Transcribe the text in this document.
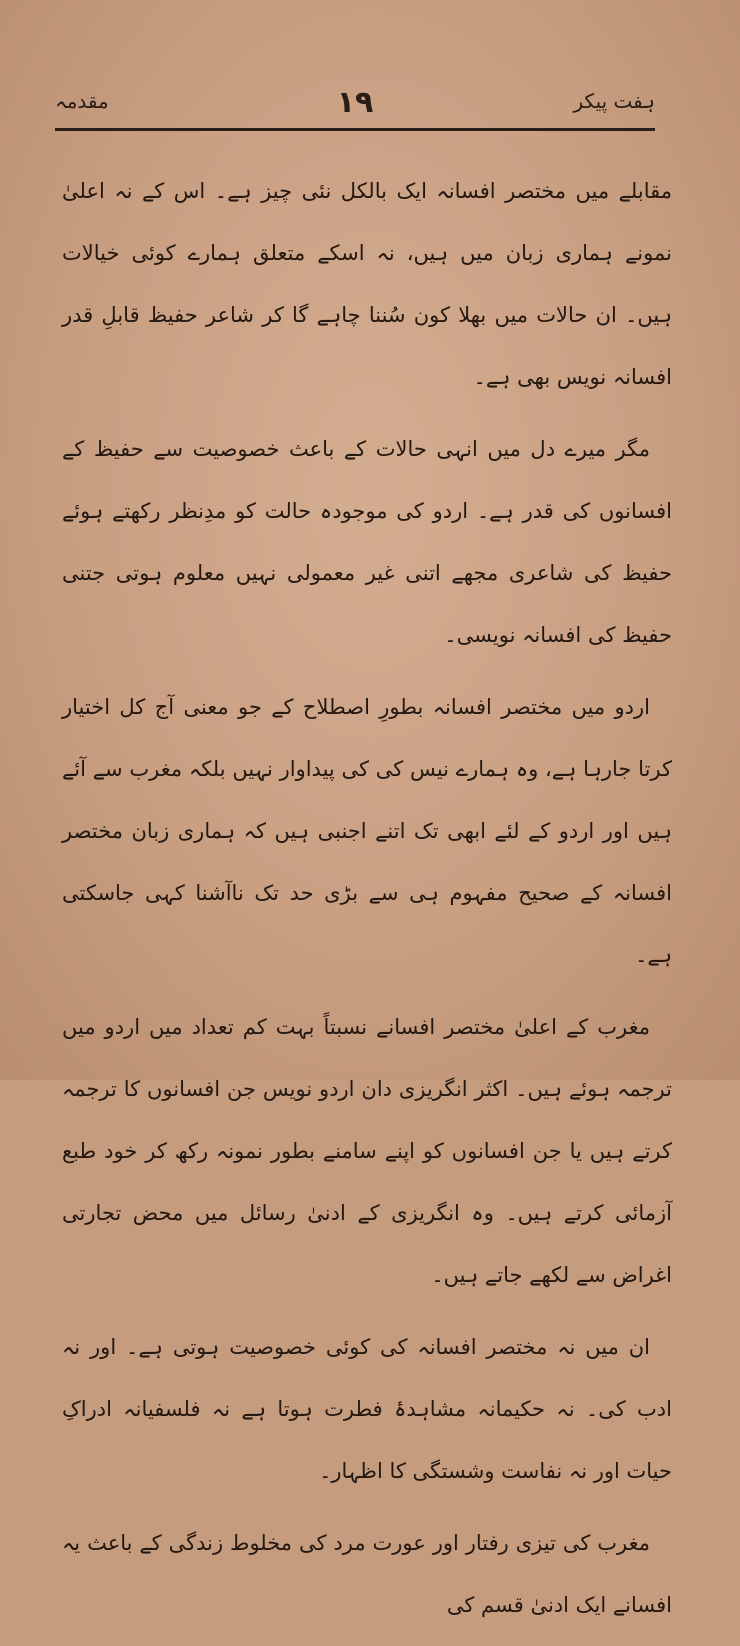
ہفت پیکر
۱۹
مقدمہ

مقابلے میں مختصر افسانہ ایک بالکل نئی چیز ہے۔ اس کے نہ اعلیٰ نمونے ہماری زبان میں ہیں، نہ اسکے متعلق ہمارے کوئی خیالات ہیں۔ ان حالات میں بھلا کون سُننا چاہے گا کر شاعر حفیظ قابلِ قدر افسانہ نویس بھی ہے۔

مگر میرے دل میں انہی حالات کے باعث خصوصیت سے حفیظ کے افسانوں کی قدر ہے۔ اردو کی موجودہ حالت کو مدِنظر رکھتے ہوئے حفیظ کی شاعری مجھے اتنی غیر معمولی نہیں معلوم ہوتی جتنی حفیظ کی افسانہ نویسی۔

اردو میں مختصر افسانہ بطورِ اصطلاح کے جو معنی آج کل اختیار کرتا جارہا ہے، وہ ہمارے نیس کی کی پیداوار نہیں بلکہ مغرب سے آئے ہیں اور اردو کے لئے ابھی تک اتنے اجنبی ہیں کہ ہماری زبان مختصر افسانہ کے صحیح مفہوم ہی سے بڑی حد تک ناآشنا کہی جاسکتی ہے۔

مغرب کے اعلیٰ مختصر افسانے نسبتاً بہت کم تعداد میں اردو میں ترجمہ ہوئے ہیں۔ اکثر انگریزی دان اردو نویس جن افسانوں کا ترجمہ کرتے ہیں یا جن افسانوں کو اپنے سامنے بطور نمونہ رکھ کر خود طبع آزمائی کرتے ہیں۔ وہ انگریزی کے ادنیٰ رسائل میں محض تجارتی اغراض سے لکھے جاتے ہیں۔

ان میں نہ مختصر افسانہ کی کوئی خصوصیت ہوتی ہے۔ اور نہ ادب کی۔ نہ حکیمانہ مشاہدۂ فطرت ہوتا ہے نہ فلسفیانہ ادراکِ حیات اور نہ نفاست وشستگی کا اظہار۔

مغرب کی تیزی رفتار اور عورت مرد کی مخلوط زندگی کے باعث یہ افسانے ایک ادنیٰ قسم کی
